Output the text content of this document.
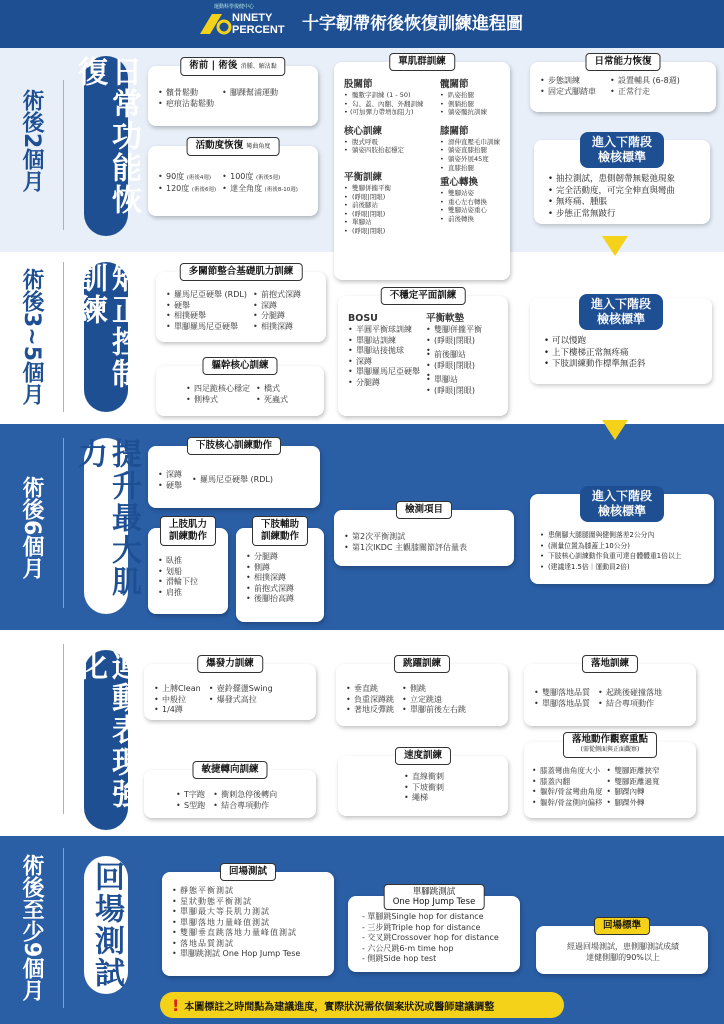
運動科學復健中心
NINETY
PERCENT 十字韌帶術後恢復訓練進程圖
術後2個月
術後3~5個月
術後6個月
術後至少9個月
日常功能恢復
矯正控制訓練
提升最大肌力
運動表現強化
回場測試
術前 | 術後 消腫、解沾黏
• 髕骨鬆動
• 疤痕沾黏鬆動
• 腳踝幫浦運動
活動度恢復 彎曲角度
• 90度 (術後4週)
• 120度 (術後6週)
• 100度 (術後5週)
• 達全角度 (術後8-10週)
單肌群訓練
股關節
• 髖數字訓練 (1 - 50)
• 勾、蓋、內翻、外翻訓練
• (可加彈力帶增加阻力)
核心訓練
• 腹式呼吸
• 躺姿四肢抬起穩定
平衡訓練
• 雙腳併攏平衡
• (睜眼|閉眼)
• 前後腳站
• (睜眼|閉眼)
• 單腳站
• (睜眼|閉眼)
髖關節
• 趴姿抬腿
• 側躺抬腿
• 躺姿髖抗訓練
膝關節
• 滑伸直壓毛巾訓練
• 躺姿直膝抬腿
• 躺姿外展45度
• 直膝抬腿
重心轉換
• 雙腳站姿
• 重心左右轉換
• 雙腳站姿重心
• 前後轉換
日常能力恢復
• 步態訓練
• 固定式腳踏車
• 設置輔具 (6-8週)
• 正常行走
進入下階段
檢核標準
• 抽拉測試，患側韌帶無鬆弛現象
• 完全活動度，可完全伸直與彎曲
• 無疼痛、腫脹
• 步態正常無跛行
多關節整合基礎肌力訓練
• 羅馬尼亞硬舉 (RDL)
• 硬舉
• 相撲硬舉
• 單腳羅馬尼亞硬舉
• 前抱式深蹲
• 深蹲
• 分腿蹲
• 相撲深蹲
軀幹核心訓練
• 四足跪核心穩定
• 側棒式
• 橋式
• 死蟲式
不穩定平面訓練
BOSU
• 半圓平衡球訓練
• 單腳站訓練
• 單腳站接拋球
• 深蹲
• 單腳羅馬尼亞硬舉
• 分腿蹲
平衡軟墊
• 雙腳併攏平衡
• (睜眼|閉眼)
•
• 前後腳站
• (睜眼|閉眼)
•
• 單腳站
• (睜眼|閉眼)
進入下階段
檢核標準
• 可以慢跑
• 上下樓梯正常無疼痛
• 下肢訓練動作標準無歪斜
下肢核心訓練動作
• 深蹲
• 硬舉
• 羅馬尼亞硬舉 (RDL)
上肢肌力
訓練動作
• 臥推
• 划船
• 滑輪下拉
• 肩推
下肢輔助
訓練動作
• 分腿蹲
• 側蹲
• 相撲深蹲
• 前抱式深蹲
• 後腳抬高蹲
檢測項目
• 第2次平衡測試
• 第1次IKDC 主觀膝關節評估量表
進入下階段
檢核標準
• 患側腳大腿腿圍與健側落差2公分內
• (測量位置為膝蓋上10公分)
• 下肢核心訓練動作負重可達自體體重1倍以上
• (建議達1.5倍｜運動員2倍)
爆發力訓練
• 上膊Clean
• 中般拉
• 1/4蹲
• 壺鈴擺盪Swing
• 爆發式高拉
跳躍訓練
• 垂直跳
• 負重深蹲跳
• 著地反彈跳
• 側跳
• 立定跳遠
• 單腳前後左右跳
落地訓練
• 雙腳落地品質
• 單腳落地品質
• 起跳後碰撞落地
• 結合專項動作
敏捷轉向訓練
• T字跑
• S型跑
• 衝刺急停後轉向
• 結合專項動作
速度訓練
• 直線衝刺
• 下坡衝刺
• 繩梯
落地動作觀察重點
(需從側面與正面觀察)
• 膝蓋彎曲角度大小
• 膝蓋內翻
• 軀幹/骨盆彎曲角度
• 軀幹/骨盆側向偏移
• 雙腳距離狹窄
• 雙腳距離過寬
• 腳踝內轉
• 腳踝外轉
回場測試
• 靜態平衡測試
• 星狀動態平衡測試
• 單腳最大等長肌力測試
• 單腳落地力量峰值測試
• 雙腳垂直跳落地力量峰值測試
• 落地品質測試
• 單腳跳測試 One Hop Jump Tese
單腳跳測試
One Hop Jump Tese
- 單腳跳Single hop for distance
- 三步跳Triple hop for distance
- 交叉跳Crossover hop for distance
- 六公尺跳6-m time hop
- 側跳Side hop test
回場標準
經過回場測試，患側腳測試成績
達健側腳的90%以上
! 本圖標註之時間點為建議進度，實際狀況需依個案狀況或醫師建議調整
